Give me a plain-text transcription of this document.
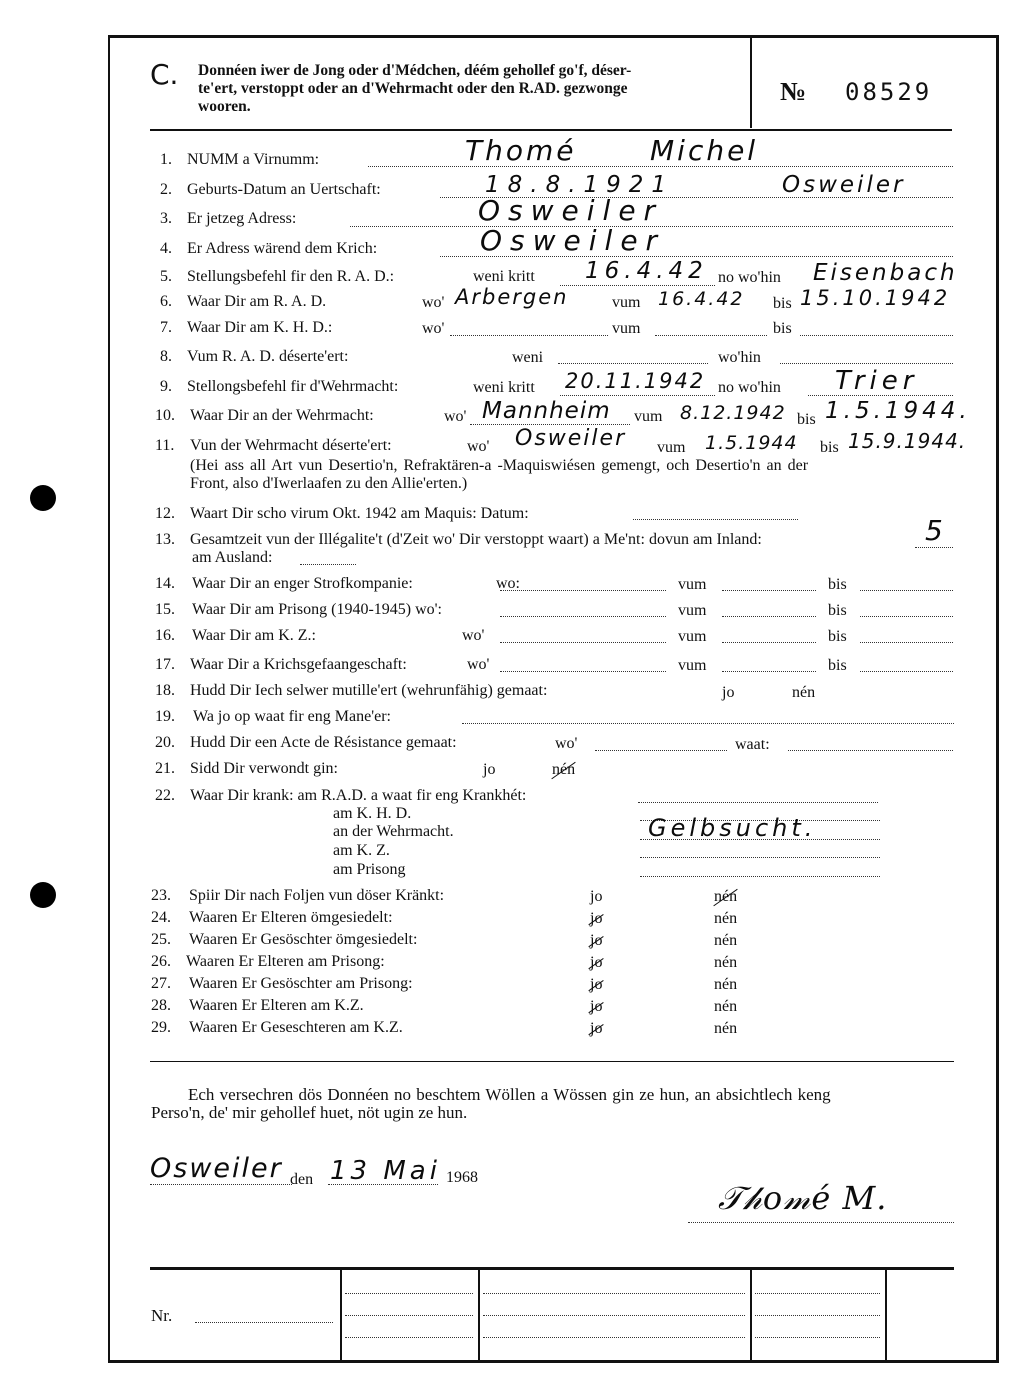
C. Donnéen iwer de Jong oder d'Médchen, déém gehollef go'f, déser-
te'ert, verstoppt oder an d'Wehrmacht oder den R.AD. gezwonge
wooren.
№ 08529
1. NUMM a Virnumm:	Thomé	Michel
2. Geburts-Datum an Uertschaft:	18.8.1921	Osweiler
3. Er jetzeg Adress:	Osweiler
4. Er Adress wärend dem Krich:	Osweiler
5. Stellungsbefehl fir den R. A. D.:	weni kritt 16.4.42 no wo'hin Eisenbach
6. Waar Dir am R. A. D.	wo' Arbergen	vum 16.4.42 bis 15.10.1942
7. Waar Dir am K. H. D.:	wo'	vum	bis
8. Vum R. A. D. déserte'ert:	weni	wo'hin
9. Stellongsbefehl fir d'Wehrmacht:	weni kritt 20.11.1942 no wo'hin Trier
10. Waar Dir an der Wehrmacht:	wo' Mannheim vum 8.12.1942 bis 1.5.1944.
11. Vun der Wehrmacht déserte'ert:	wo' Osweiler vum 1.5.1944 bis 15.9.1944.
(Hei ass all Art vun Desertio'n, Refraktären-a -Maquiswiésen gemengt, och Desertio'n an der
Front, also d'Iwerlaafen zu den Allie'erten.)
12. Waart Dir scho virum Okt. 1942 am Maquis: Datum:
13. Gesamtzeit vun der Illégalite't (d'Zeit wo' Dir verstoppt waart) a Me'nt: dovun am Inland:	5
am Ausland:
14. Waar Dir an enger Strofkompanie:	wo:	vum	bis
15. Waar Dir am Prisong (1940-1945) wo':	vum	bis
16. Waar Dir am K. Z.:	wo'	vum	bis
17. Waar Dir a Krichsgefaangeschaft:	wo'	vum	bis
18. Hudd Dir Iech selwer mutille'ert (wehrunfähig) gemaat:	jo	nén
19. Wa jo op waat fir eng Mane'er:
20. Hudd Dir een Acte de Résistance gemaat:	wo'	waat:
21. Sidd Dir verwondt gin:	jo	nén
22. Waar Dir krank: am R.A.D. a waat fir eng Krankhét:
am K. H. D.
an der Wehrmacht.	Gelbsucht.
am K. Z.
am Prisong
23. Spiir Dir nach Foljen vun döser Kränkt:	jo	nén
24. Waaren Er Elteren ömgesiedelt:	jo	nén
25. Waaren Er Gesöschter ömgesiedelt:	jo	nén
26. Waaren Er Elteren am Prisong:	jo	nén
27. Waaren Er Gesöschter am Prisong:	jo	nén
28. Waaren Er Elteren am K.Z.	jo	nén
29. Waaren Er Geseschteren am K.Z.	jo	nén
Ech versechren dös Donnéen no beschtem Wöllen a Wössen gin ze hun, an absichtlech keng
Perso'n, de' mir gehollef huet, nöt ugin ze hun.
Osweiler den 13 Mai 1968
𝒯𝒽𝑜𝓂𝑒́ 𝑀.
Nr.
